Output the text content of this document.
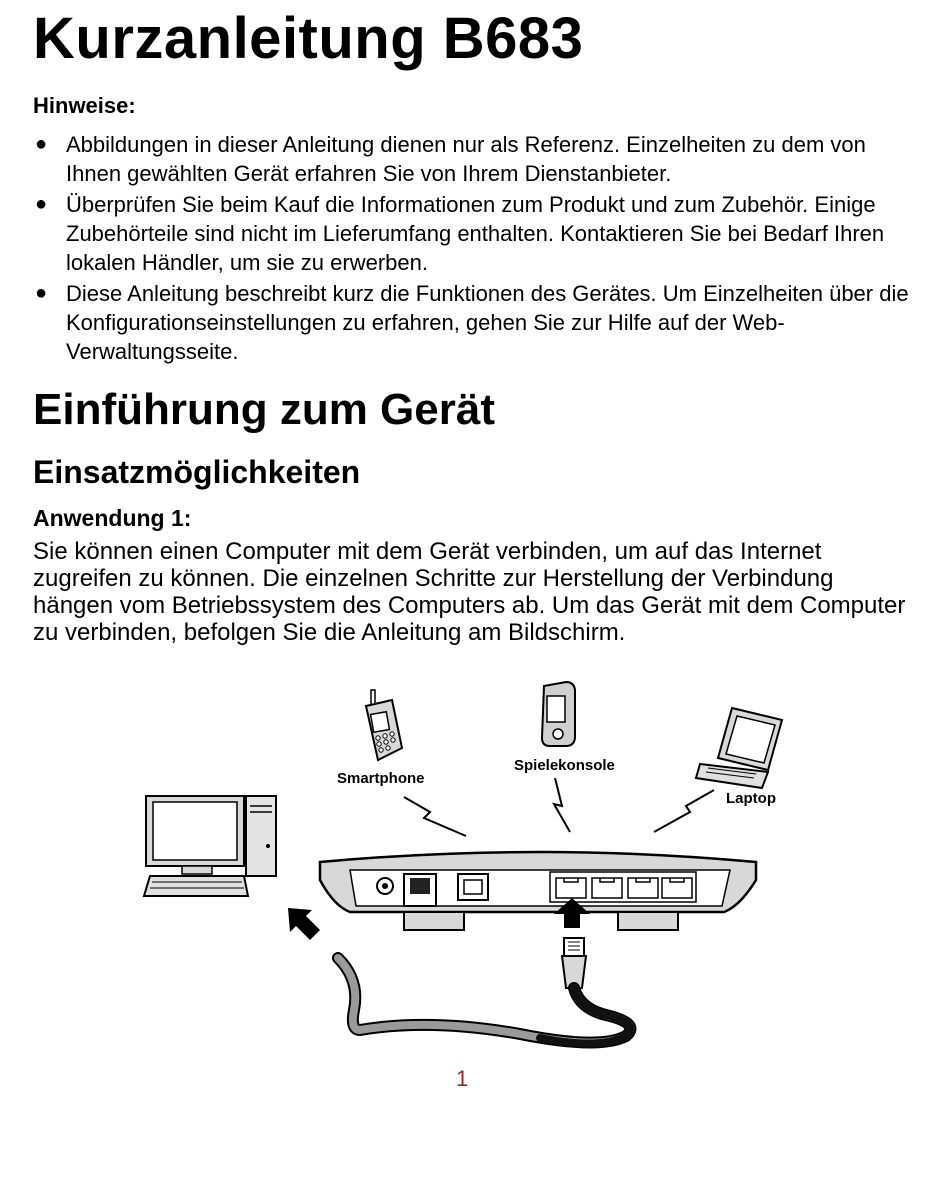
Kurzanleitung B683
Hinweise:
● Abbildungen in dieser Anleitung dienen nur als Referenz. Einzelheiten zu dem von Ihnen gewählten Gerät erfahren Sie von Ihrem Dienstanbieter.
● Überprüfen Sie beim Kauf die Informationen zum Produkt und zum Zubehör. Einige Zubehörteile sind nicht im Lieferumfang enthalten. Kontaktieren Sie bei Bedarf Ihren lokalen Händler, um sie zu erwerben.
● Diese Anleitung beschreibt kurz die Funktionen des Gerätes. Um Einzelheiten über die Konfigurationseinstellungen zu erfahren, gehen Sie zur Hilfe auf der Web-Verwaltungsseite.
Einführung zum Gerät
Einsatzmöglichkeiten
Anwendung 1:

Sie können einen Computer mit dem Gerät verbinden, um auf das Internet zugreifen zu können. Die einzelnen Schritte zur Herstellung der Verbindung hängen vom Betriebssystem des Computers ab. Um das Gerät mit dem Computer zu verbinden, befolgen Sie die Anleitung am Bildschirm.

Smartphone
Spielekonsole
Laptop
1
